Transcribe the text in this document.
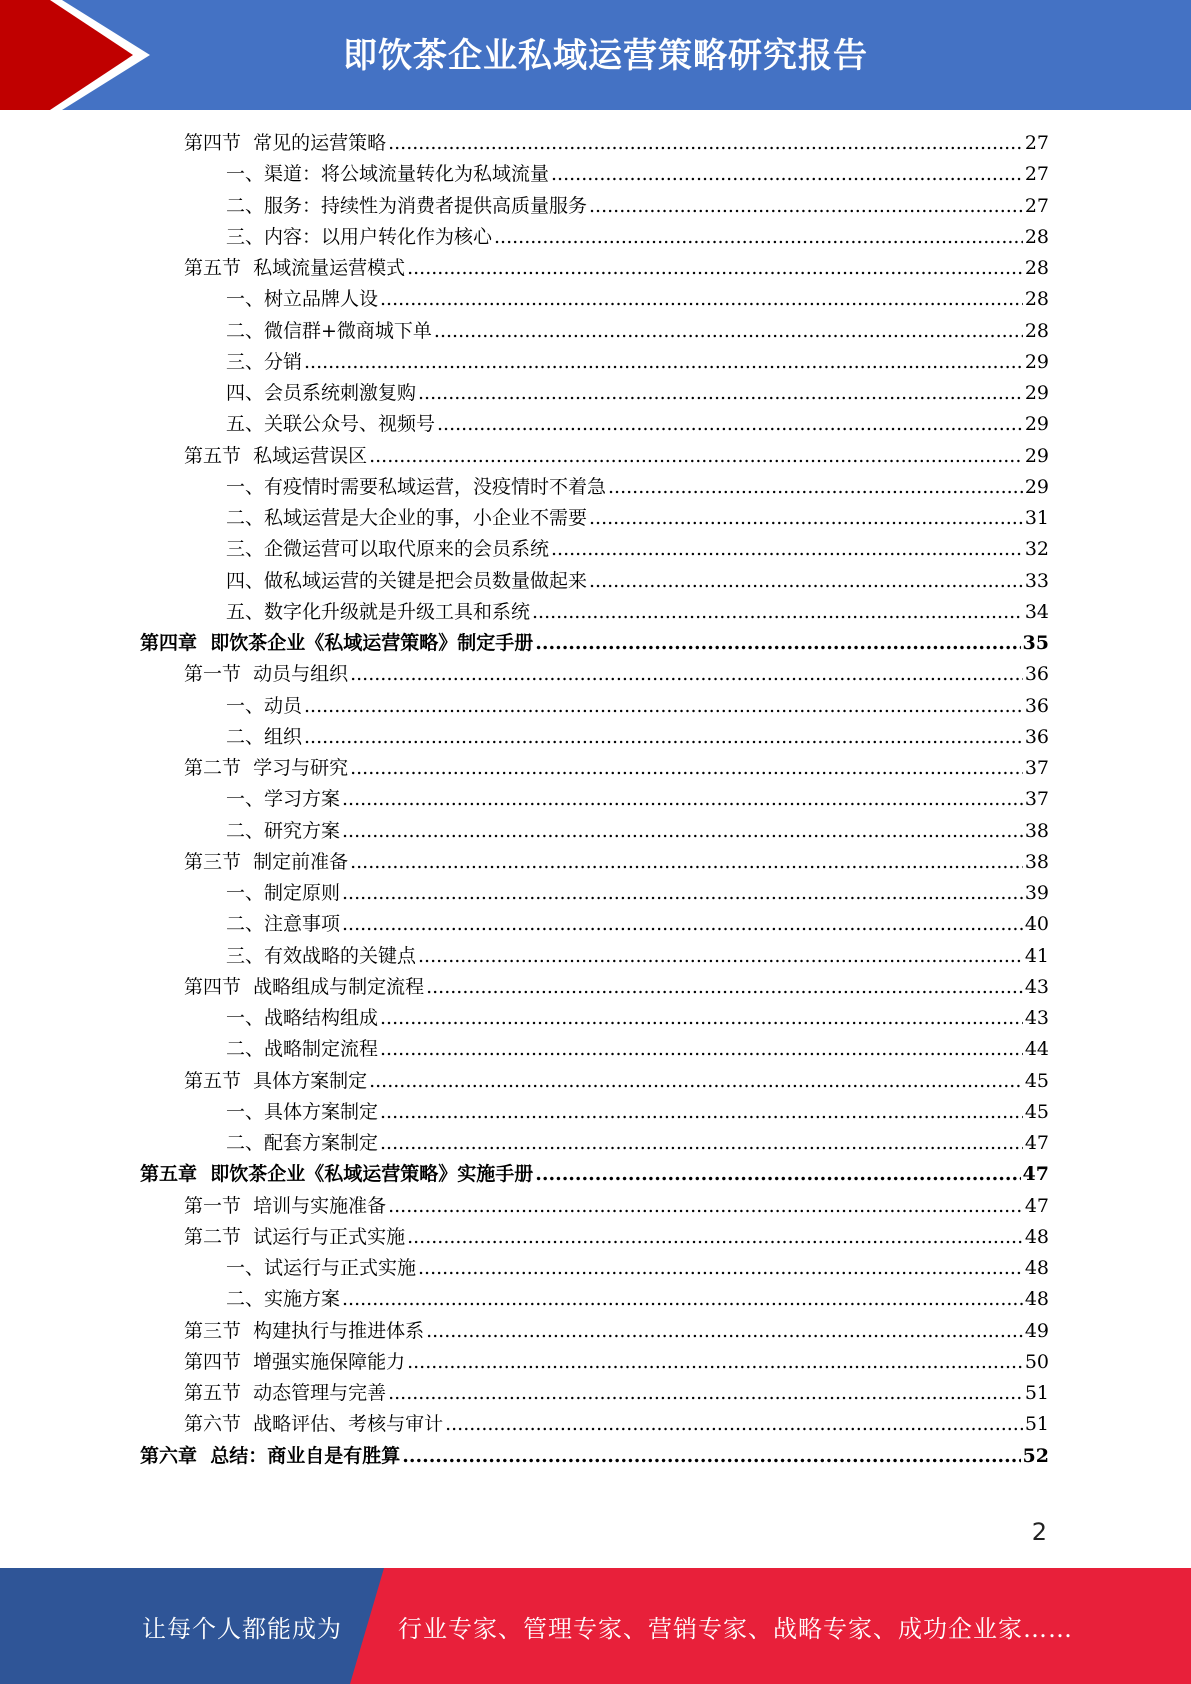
即饮茶企业私域运营策略研究报告
第四节  常见的运营策略 .....	27
一、渠道：将公域流量转化为私域流量 .....	27
二、服务：持续性为消费者提供高质量服务 .....	27
三、内容：以用户转化作为核心 .....	28
第五节  私域流量运营模式 .....	28
一、树立品牌人设 .....	28
二、微信群+微商城下单 .....	28
三、分销 .....	29
四、会员系统刺激复购 .....	29
五、关联公众号、视频号 .....	29
第五节  私域运营误区 .....	29
一、有疫情时需要私域运营，没疫情时不着急 .....	29
二、私域运营是大企业的事，小企业不需要 .....	31
三、企微运营可以取代原来的会员系统 .....	32
四、做私域运营的关键是把会员数量做起来 .....	33
五、数字化升级就是升级工具和系统 .....	34
第四章  即饮茶企业《私域运营策略》制定手册 .....	35
第一节  动员与组织 .....	36
一、动员 .....	36
二、组织 .....	36
第二节  学习与研究 .....	37
一、学习方案 .....	37
二、研究方案 .....	38
第三节  制定前准备 .....	38
一、制定原则 .....	39
二、注意事项 .....	40
三、有效战略的关键点 .....	41
第四节  战略组成与制定流程 .....	43
一、战略结构组成 .....	43
二、战略制定流程 .....	44
第五节  具体方案制定 .....	45
一、具体方案制定 .....	45
二、配套方案制定 .....	47
第五章  即饮茶企业《私域运营策略》实施手册 .....	47
第一节  培训与实施准备 .....	47
第二节  试运行与正式实施 .....	48
一、试运行与正式实施 .....	48
二、实施方案 .....	48
第三节  构建执行与推进体系 .....	49
第四节  增强实施保障能力 .....	50
第五节  动态管理与完善 .....	51
第六节  战略评估、考核与审计 .....	51
第六章  总结：商业自是有胜算 .....	52
2
让每个人都能成为 行业专家、管理专家、营销专家、战略专家、成功企业家……
